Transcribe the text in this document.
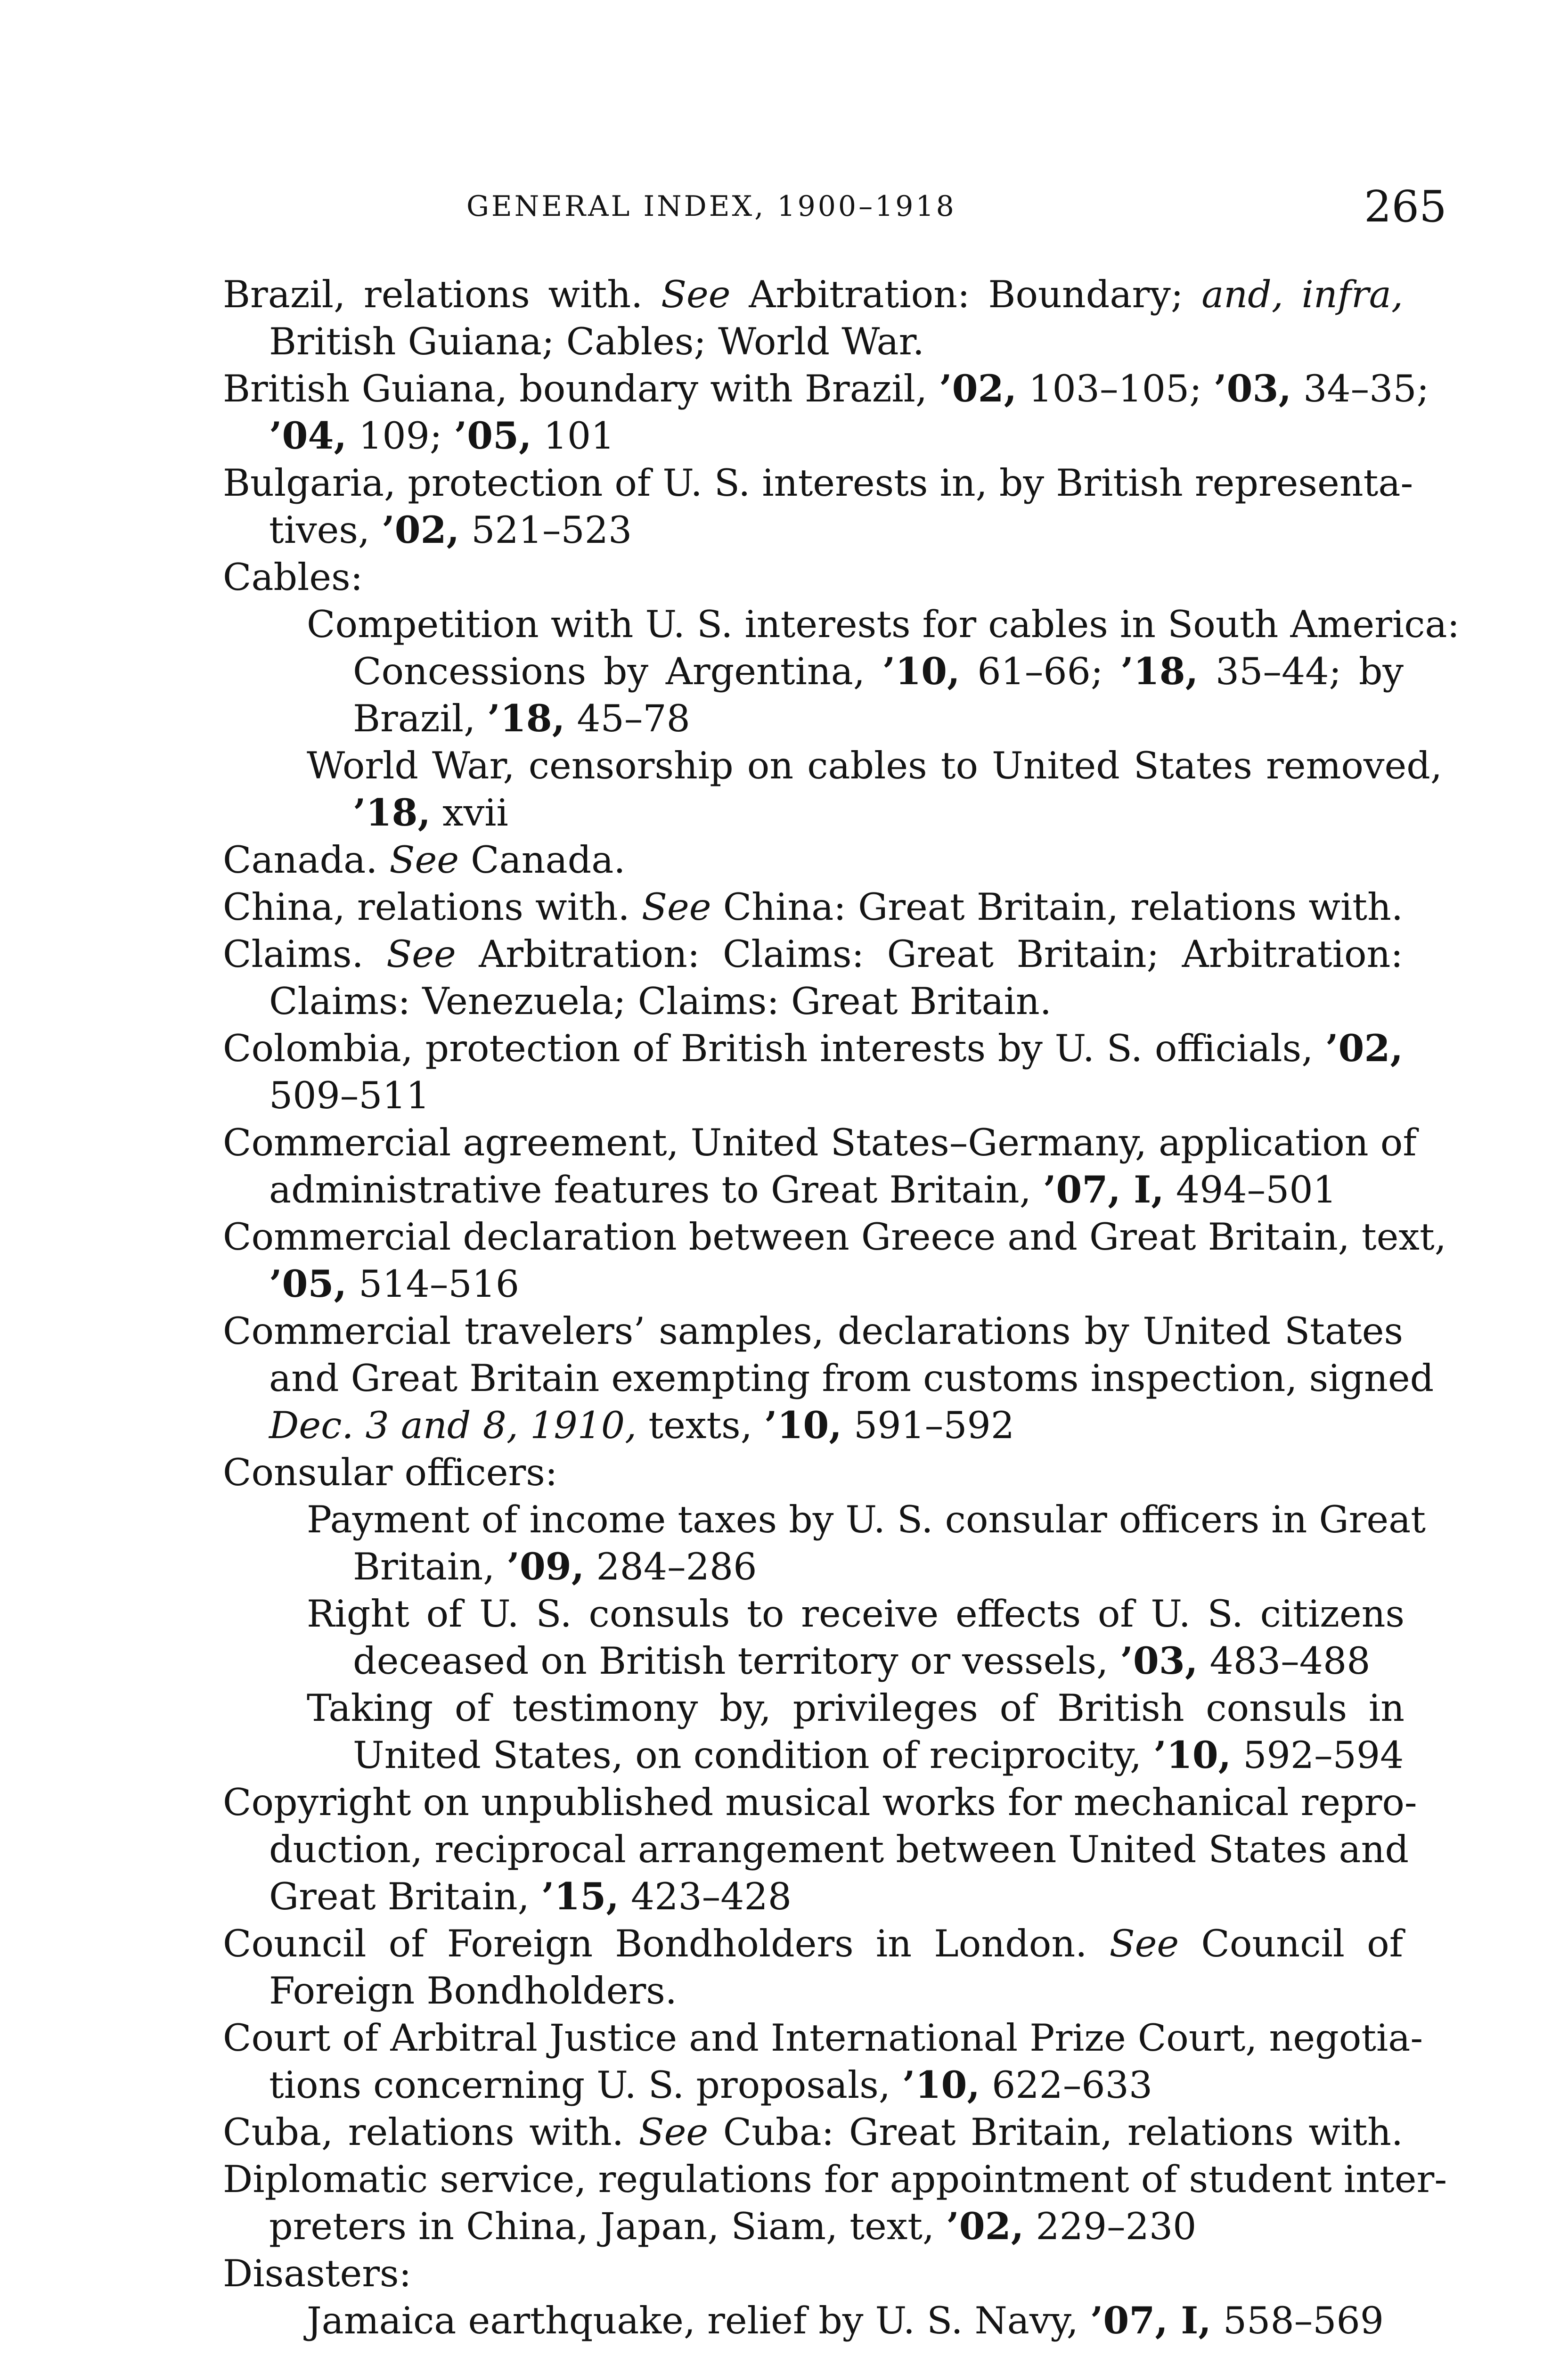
GENERAL INDEX, 1900–1918	265
Brazil, relations with. See Arbitration: Boundary; and, infra,
British Guiana; Cables; World War.
British Guiana, boundary with Brazil, ’02, 103–105; ’03, 34–35;
’04, 109; ’05, 101
Bulgaria, protection of U. S. interests in, by British representa-
tives, ’02, 521–523
Cables:
Competition with U. S. interests for cables in South America:
Concessions by Argentina, ’10, 61–66; ’18, 35–44; by
Brazil, ’18, 45–78
World War, censorship on cables to United States removed,
’18, xvii
Canada. See Canada.
China, relations with. See China: Great Britain, relations with.
Claims. See Arbitration: Claims: Great Britain; Arbitration:
Claims: Venezuela; Claims: Great Britain.
Colombia, protection of British interests by U. S. officials, ’02,
509–511
Commercial agreement, United States–Germany, application of
administrative features to Great Britain, ’07, I, 494–501
Commercial declaration between Greece and Great Britain, text,
’05, 514–516
Commercial travelers’ samples, declarations by United States
and Great Britain exempting from customs inspection, signed
Dec. 3 and 8, 1910, texts, ’10, 591–592
Consular officers:
Payment of income taxes by U. S. consular officers in Great
Britain, ’09, 284–286
Right of U. S. consuls to receive effects of U. S. citizens
deceased on British territory or vessels, ’03, 483–488
Taking of testimony by, privileges of British consuls in
United States, on condition of reciprocity, ’10, 592–594
Copyright on unpublished musical works for mechanical repro-
duction, reciprocal arrangement between United States and
Great Britain, ’15, 423–428
Council of Foreign Bondholders in London. See Council of
Foreign Bondholders.
Court of Arbitral Justice and International Prize Court, negotia-
tions concerning U. S. proposals, ’10, 622–633
Cuba, relations with. See Cuba: Great Britain, relations with.
Diplomatic service, regulations for appointment of student inter-
preters in China, Japan, Siam, text, ’02, 229–230
Disasters:
Jamaica earthquake, relief by U. S. Navy, ’07, I, 558–569
